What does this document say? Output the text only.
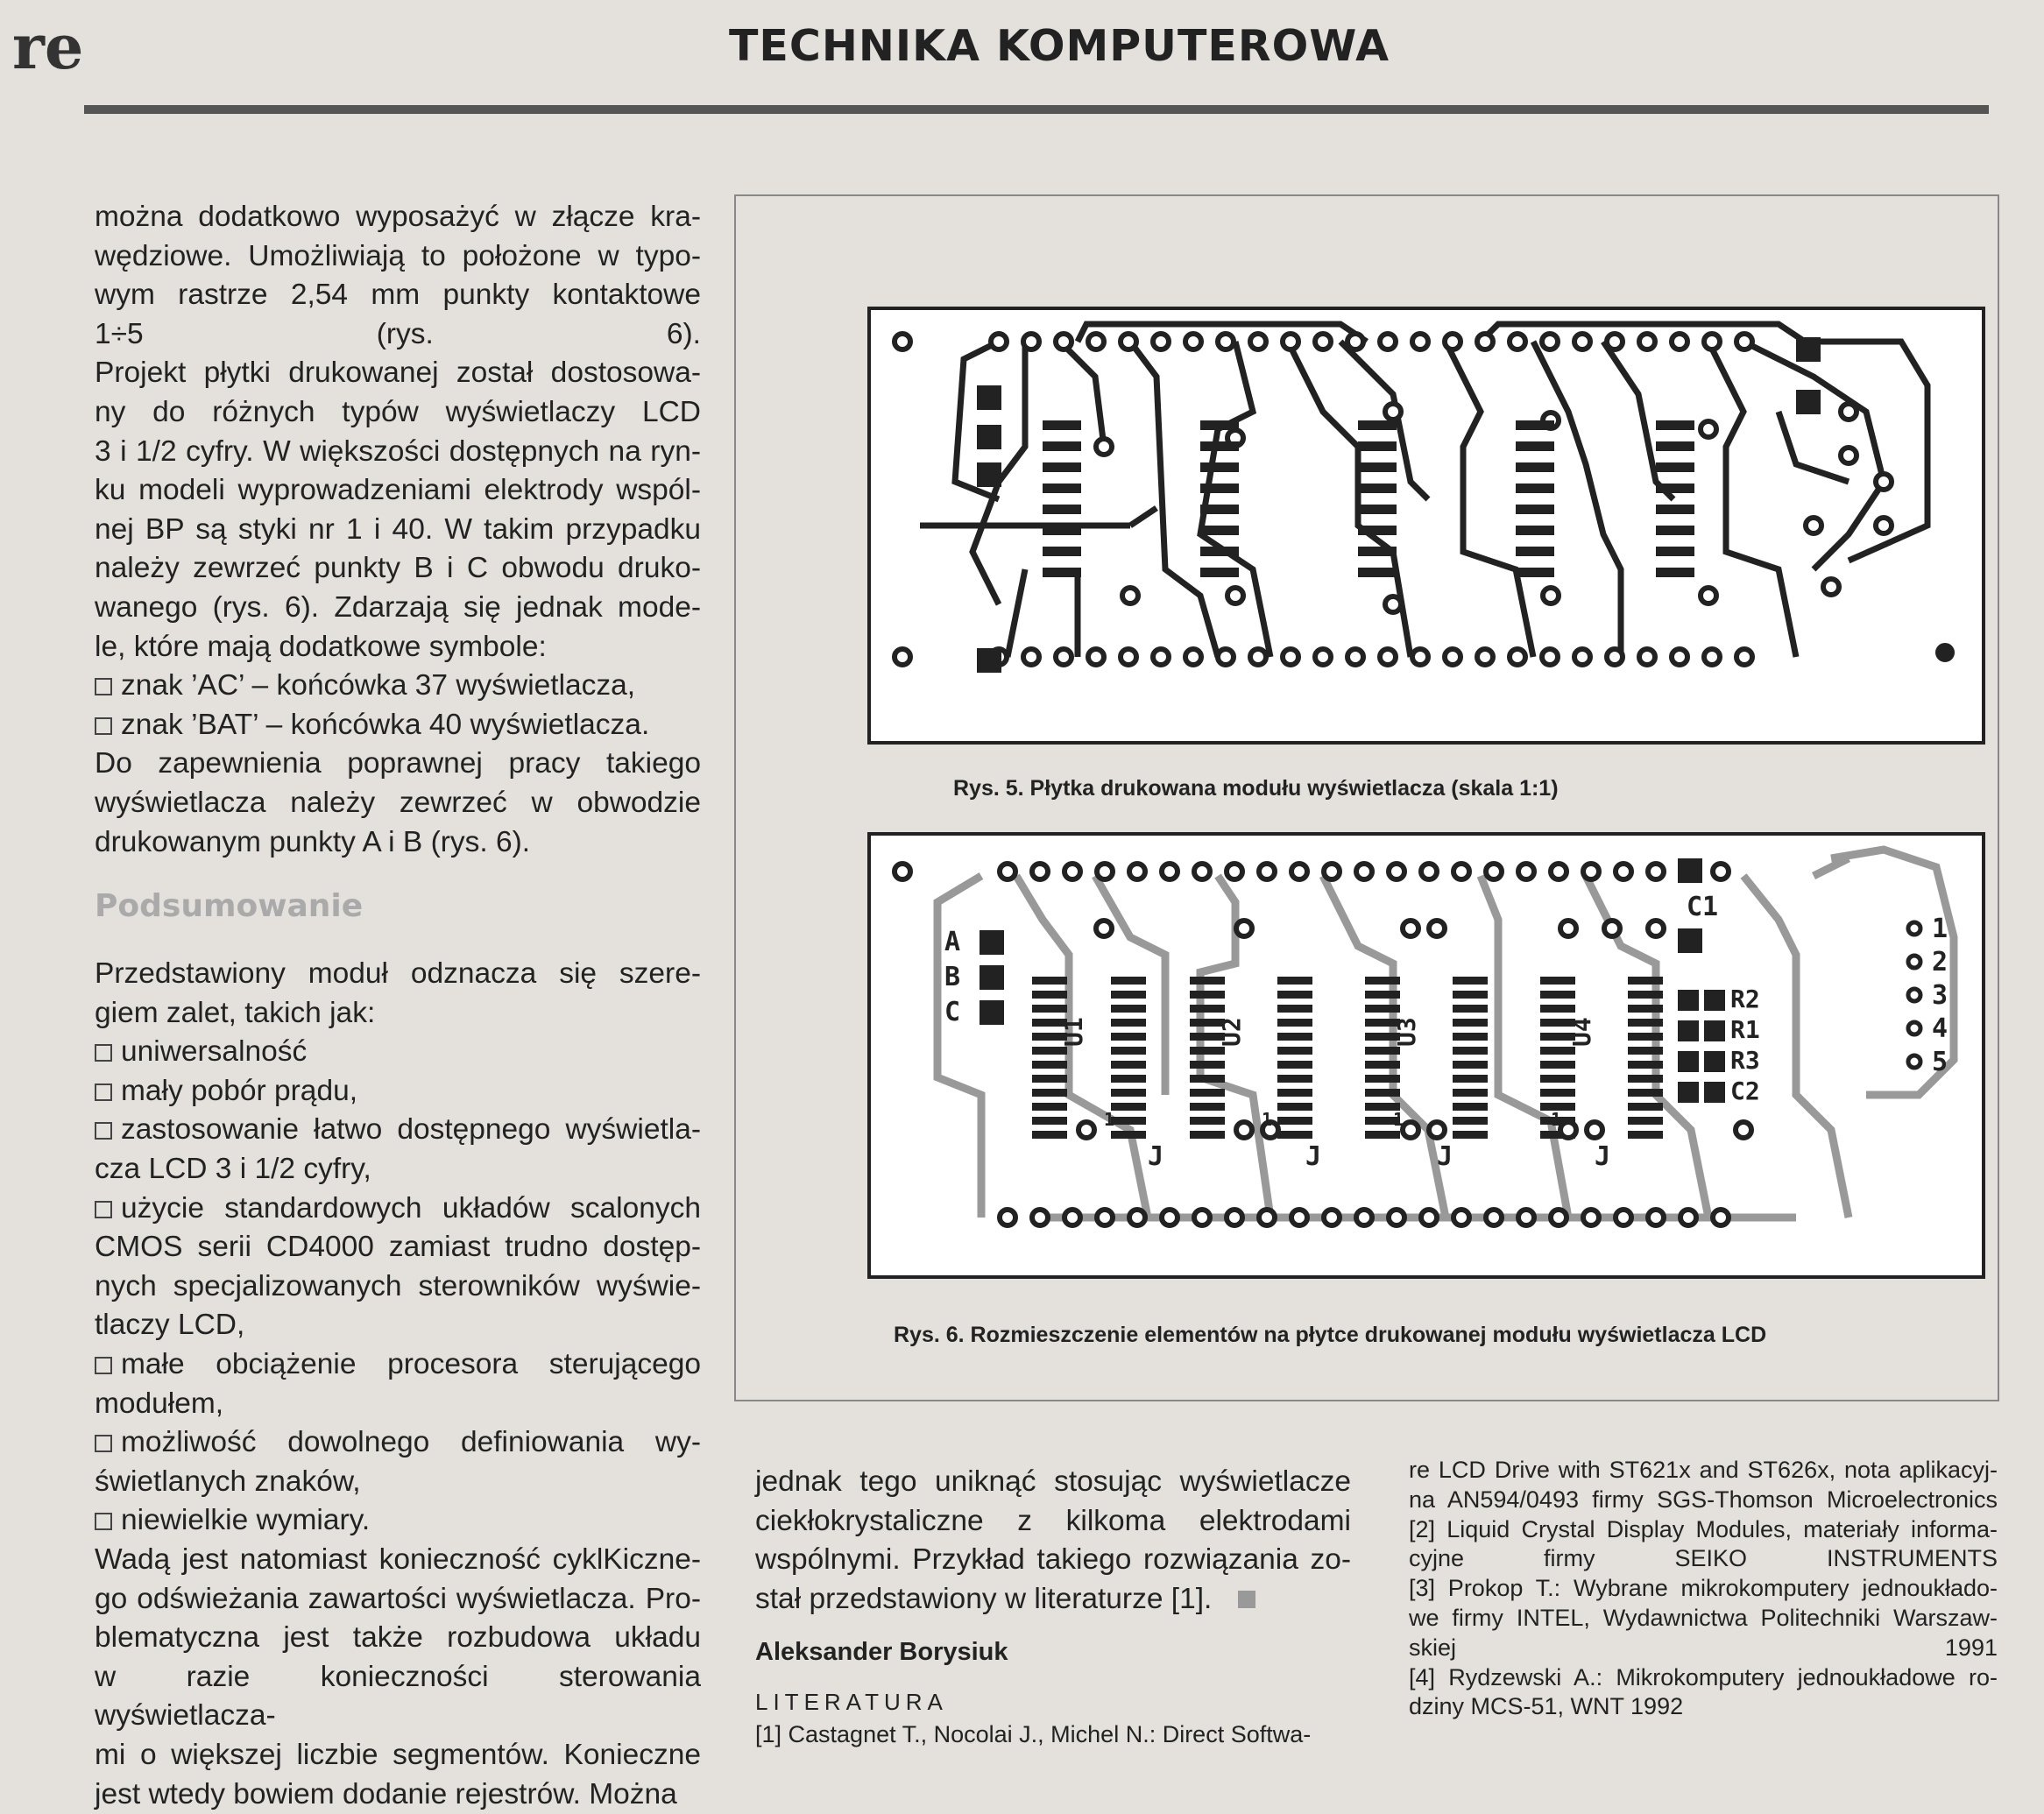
re	TECHNIKA KOMPUTEROWA
można dodatkowo wyposażyć w złącze kra-
wędziowe. Umożliwiają to położone w typo-
wym rastrze 2,54 mm punkty kontaktowe
1÷5 (rys. 6).
Projekt płytki drukowanej został dostosowa-
ny do różnych typów wyświetlaczy LCD
3 i 1/2 cyfry. W większości dostępnych na ryn-
ku modeli wyprowadzeniami elektrody wspól-
nej BP są styki nr 1 i 40. W takim przypadku
należy zewrzeć punkty B i C obwodu druko-
wanego (rys. 6). Zdarzają się jednak mode-
le, które mają dodatkowe symbole:
znak ’AC’ – końcówka 37 wyświetlacza,
znak ’BAT’ – końcówka 40 wyświetlacza.
Do zapewnienia poprawnej pracy takiego
wyświetlacza należy zewrzeć w obwodzie
drukowanym punkty A i B (rys. 6).
Podsumowanie
Przedstawiony moduł odznacza się szere-
giem zalet, takich jak:
uniwersalność
mały pobór prądu,
zastosowanie łatwo dostępnego wyświetla-
cza LCD 3 i 1/2 cyfry,
użycie standardowych układów scalonych
CMOS serii CD4000 zamiast trudno dostęp-
nych specjalizowanych sterowników wyświe-
tlaczy LCD,
małe obciążenie procesora sterującego
modułem,
możliwość dowolnego definiowania wy-
świetlanych znaków,
niewielkie wymiary.
Wadą jest natomiast konieczność cyklKiczne-
go odświeżania zawartości wyświetlacza. Pro-
blematyczna jest także rozbudowa układu
w razie konieczności sterowania wyświetlacza-
mi o większej liczbie segmentów. Konieczne
jest wtedy bowiem dodanie rejestrów. Można
Rys. 5. Płytka drukowana modułu wyświetlacza (skala 1:1)
A
B
C
C1
R2
R1
R3
C2
U1	U2	U3	U4
J
1
J
1
J
1
J
1
1
2
3
4
5
Rys. 6. Rozmieszczenie elementów na płytce drukowanej modułu wyświetlacza LCD
jednak tego uniknąć stosując wyświetlacze
ciekłokrystaliczne z kilkoma elektrodami
wspólnymi. Przykład takiego rozwiązania zo-
stał przedstawiony w literaturze [1].
Aleksander Borysiuk
LITERATURA
[1] Castagnet T., Nocolai J., Michel N.: Direct Softwa-
re LCD Drive with ST621x and ST626x, nota aplikacyj-
na AN594/0493 firmy SGS-Thomson Microelectronics
[2] Liquid Crystal Display Modules, materiały informa-
cyjne firmy SEIKO INSTRUMENTS
[3] Prokop T.: Wybrane mikrokomputery jednoukłado-
we firmy INTEL, Wydawnictwa Politechniki Warszaw-
skiej 1991
[4] Rydzewski A.: Mikrokomputery jednoukładowe ro-
dziny MCS-51, WNT 1992
